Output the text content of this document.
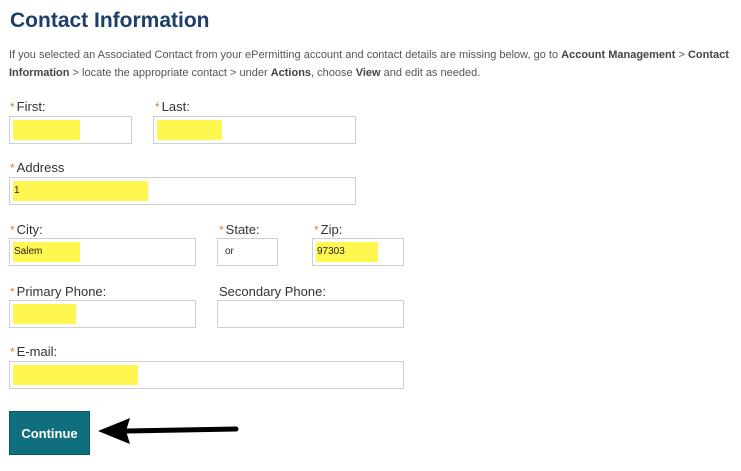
Contact Information
If you selected an Associated Contact from your ePermitting account and contact details are missing below, go to Account Management > Contact Information > locate the appropriate contact > under Actions, choose View and edit as needed.
* First:	* Last:
* Address
1
* City:
Salem
* State:
or
* Zip:
97303
* Primary Phone:	Secondary Phone:
* E-mail:
Continue
